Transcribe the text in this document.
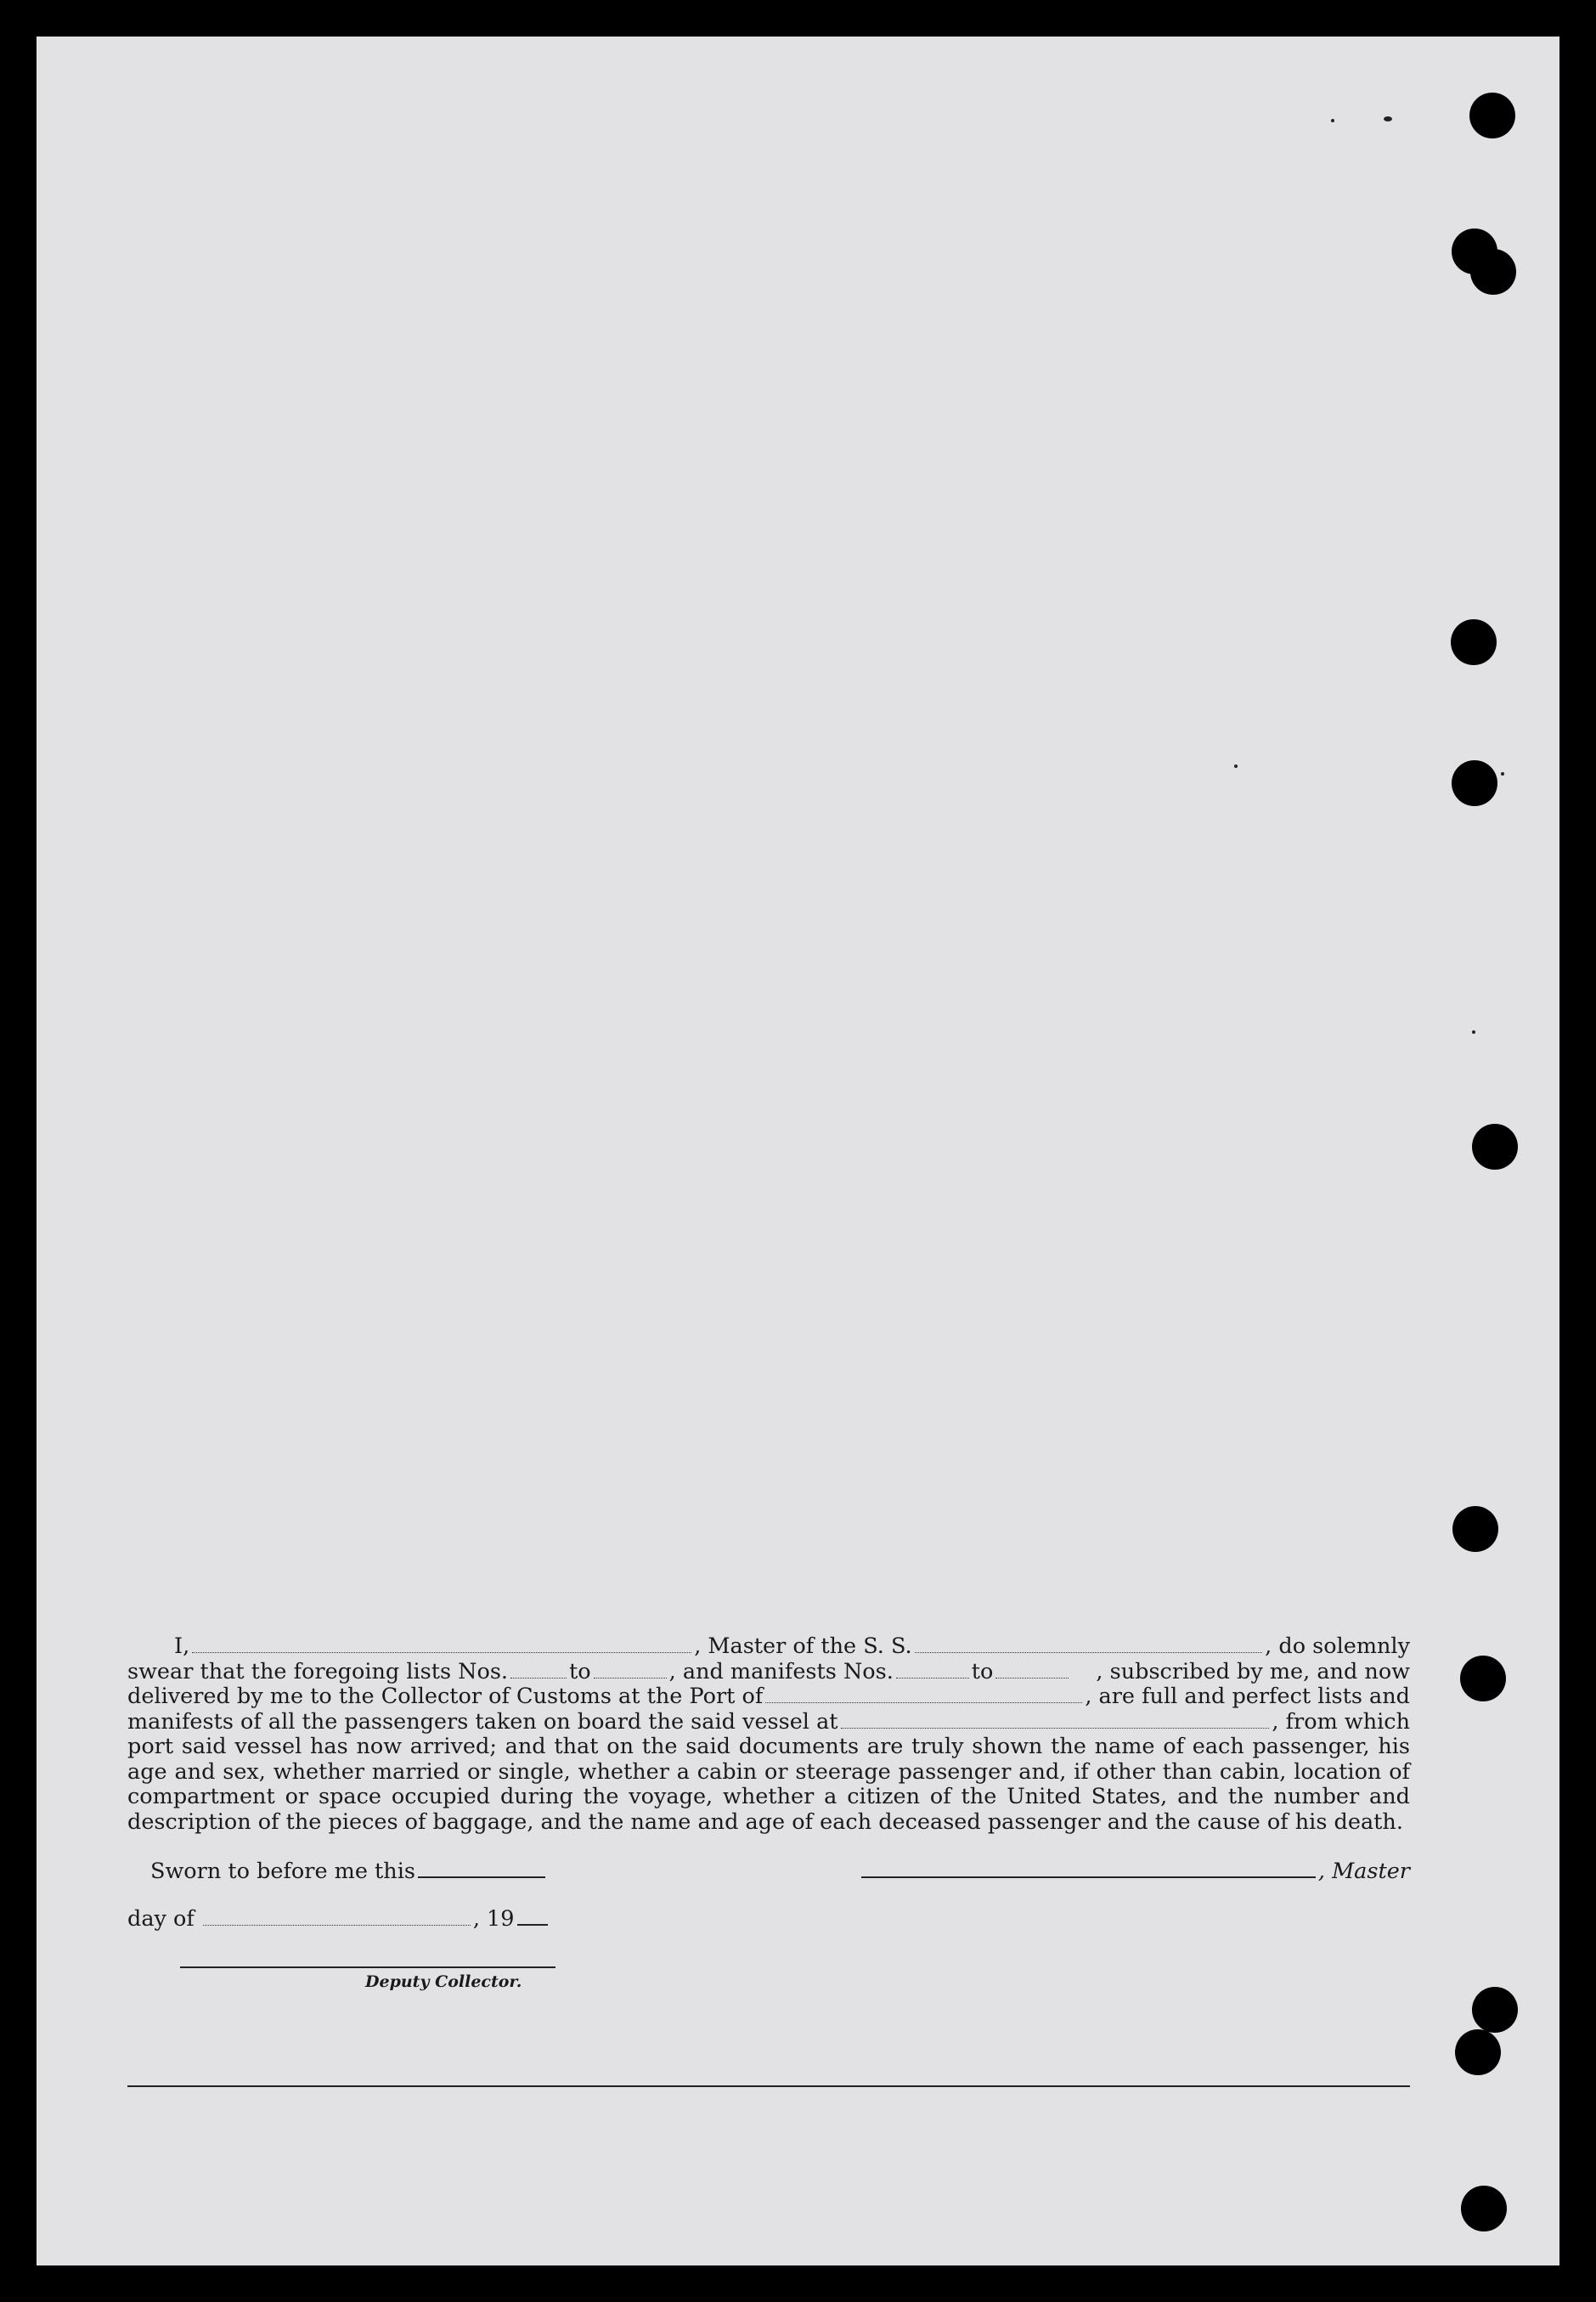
I,	, Master of the S. S.	, do solemnly
swear that the foregoing lists Nos.	to	, and manifests Nos.	to	, subscribed by me, and now
delivered by me to the Collector of Customs at the Port of	, are full and perfect lists and
manifests of all the passengers taken on board the said vessel at	, from which
port said vessel has now arrived; and that on the said documents are truly shown the name of each passenger, his age and sex, whether married or single, whether a cabin or steerage passenger and, if other than cabin, location of compartment or space occupied during the voyage, whether a citizen of the United States, and the number and description of the pieces of baggage, and the name and age of each deceased passenger and the cause of his death.
Sworn to before me this	, Master
day of	, 19
Deputy Collector.
